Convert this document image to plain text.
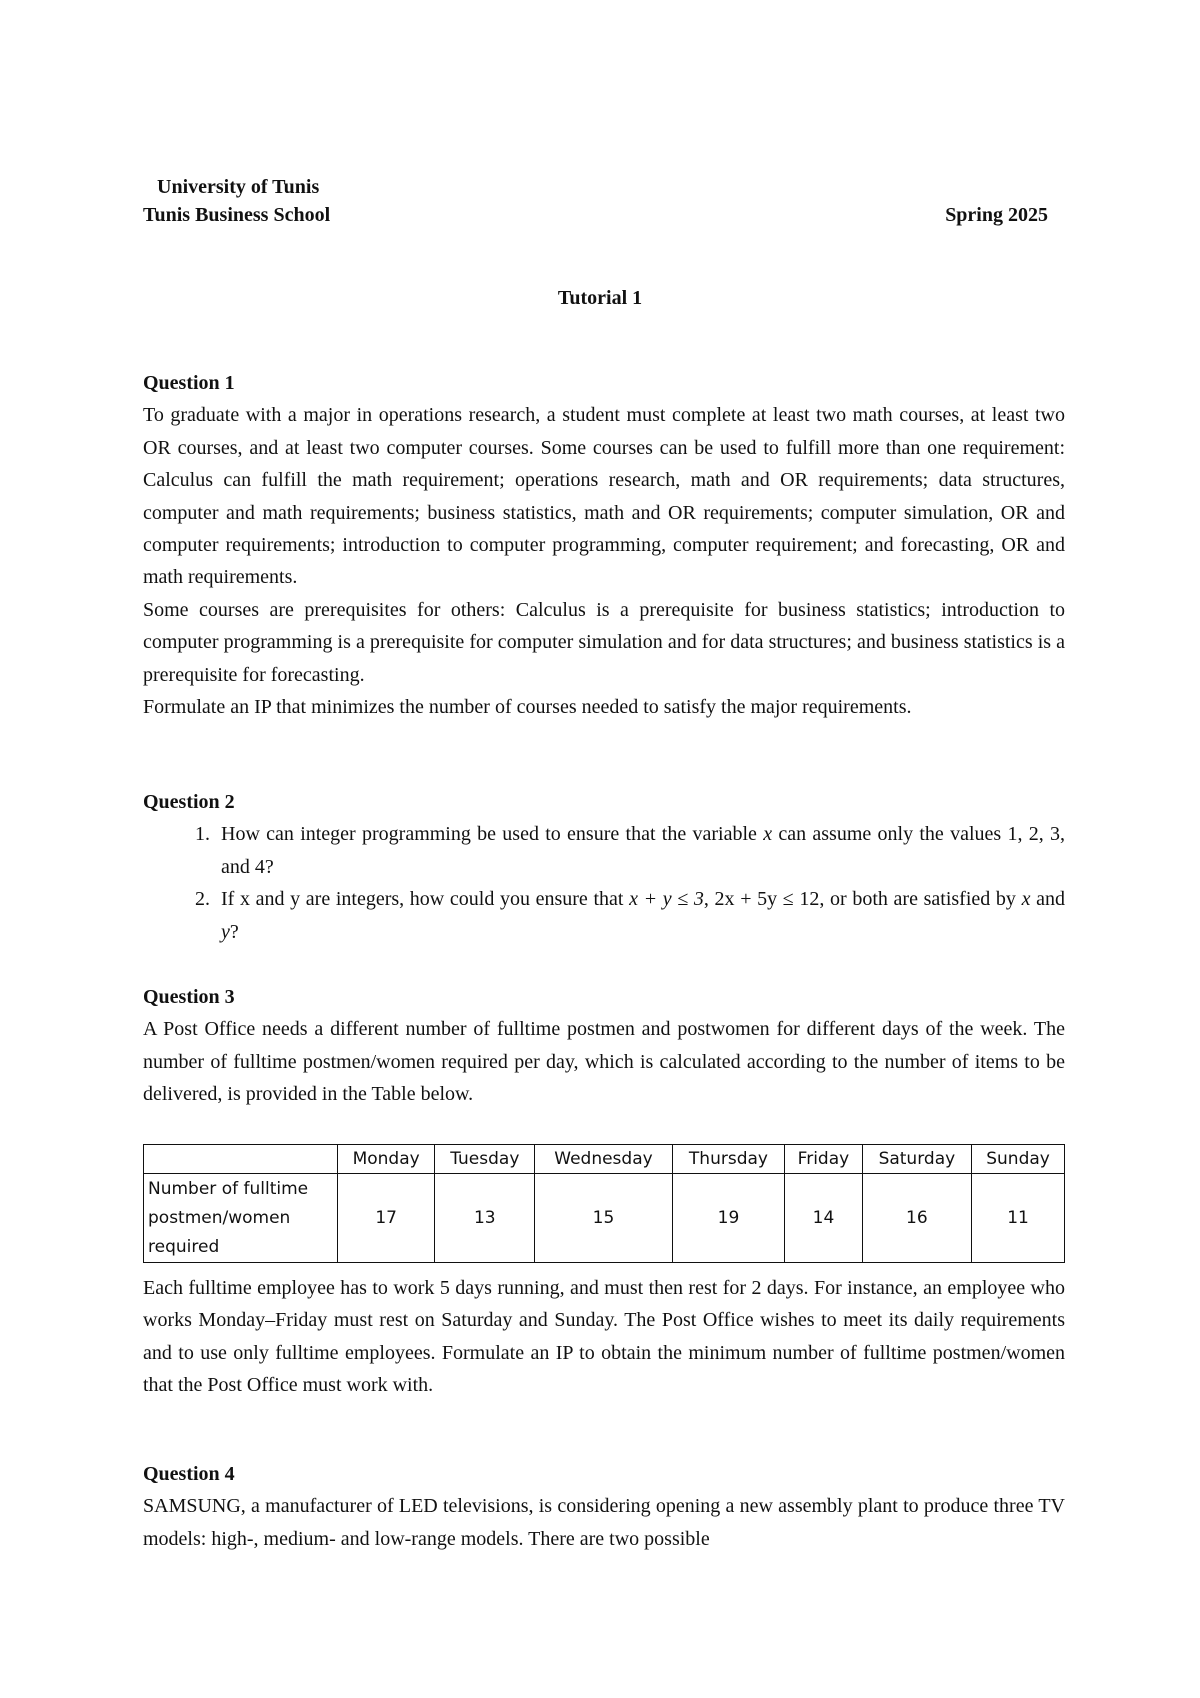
University of Tunis
Tunis Business School	Spring 2025
Tutorial 1

Question 1

To graduate with a major in operations research, a student must complete at least two math courses, at least two OR courses, and at least two computer courses. Some courses can be used to fulfill more than one requirement: Calculus can fulfill the math requirement; operations research, math and OR requirements; data structures, computer and math requirements; business statistics, math and OR requirements; computer simulation, OR and computer requirements; introduction to computer programming, computer requirement; and forecasting, OR and math requirements.

Some courses are prerequisites for others: Calculus is a prerequisite for business statistics; introduction to computer programming is a prerequisite for computer simulation and for data structures; and business statistics is a prerequisite for forecasting.

Formulate an IP that minimizes the number of courses needed to satisfy the major requirements.

Question 2

1. How can integer programming be used to ensure that the variable x can assume only the values 1, 2, 3, and 4?
2. If x and y are integers, how could you ensure that x + y ≤ 3, 2x + 5y ≤ 12, or both are satisfied by x and y?

Question 3

A Post Office needs a different number of fulltime postmen and postwomen for different days of the week. The number of fulltime postmen/women required per day, which is calculated according to the number of items to be delivered, is provided in the Table below.

	Monday	Tuesday	Wednesday	Thursday	Friday	Saturday	Sunday
Number of fulltime postmen/women required	17	13	15	19	14	16	11

Each fulltime employee has to work 5 days running, and must then rest for 2 days. For instance, an employee who works Monday–Friday must rest on Saturday and Sunday. The Post Office wishes to meet its daily requirements and to use only fulltime employees. Formulate an IP to obtain the minimum number of fulltime postmen/women that the Post Office must work with.

Question 4

SAMSUNG, a manufacturer of LED televisions, is considering opening a new assembly plant to produce three TV models: high-, medium- and low-range models. There are two possible
